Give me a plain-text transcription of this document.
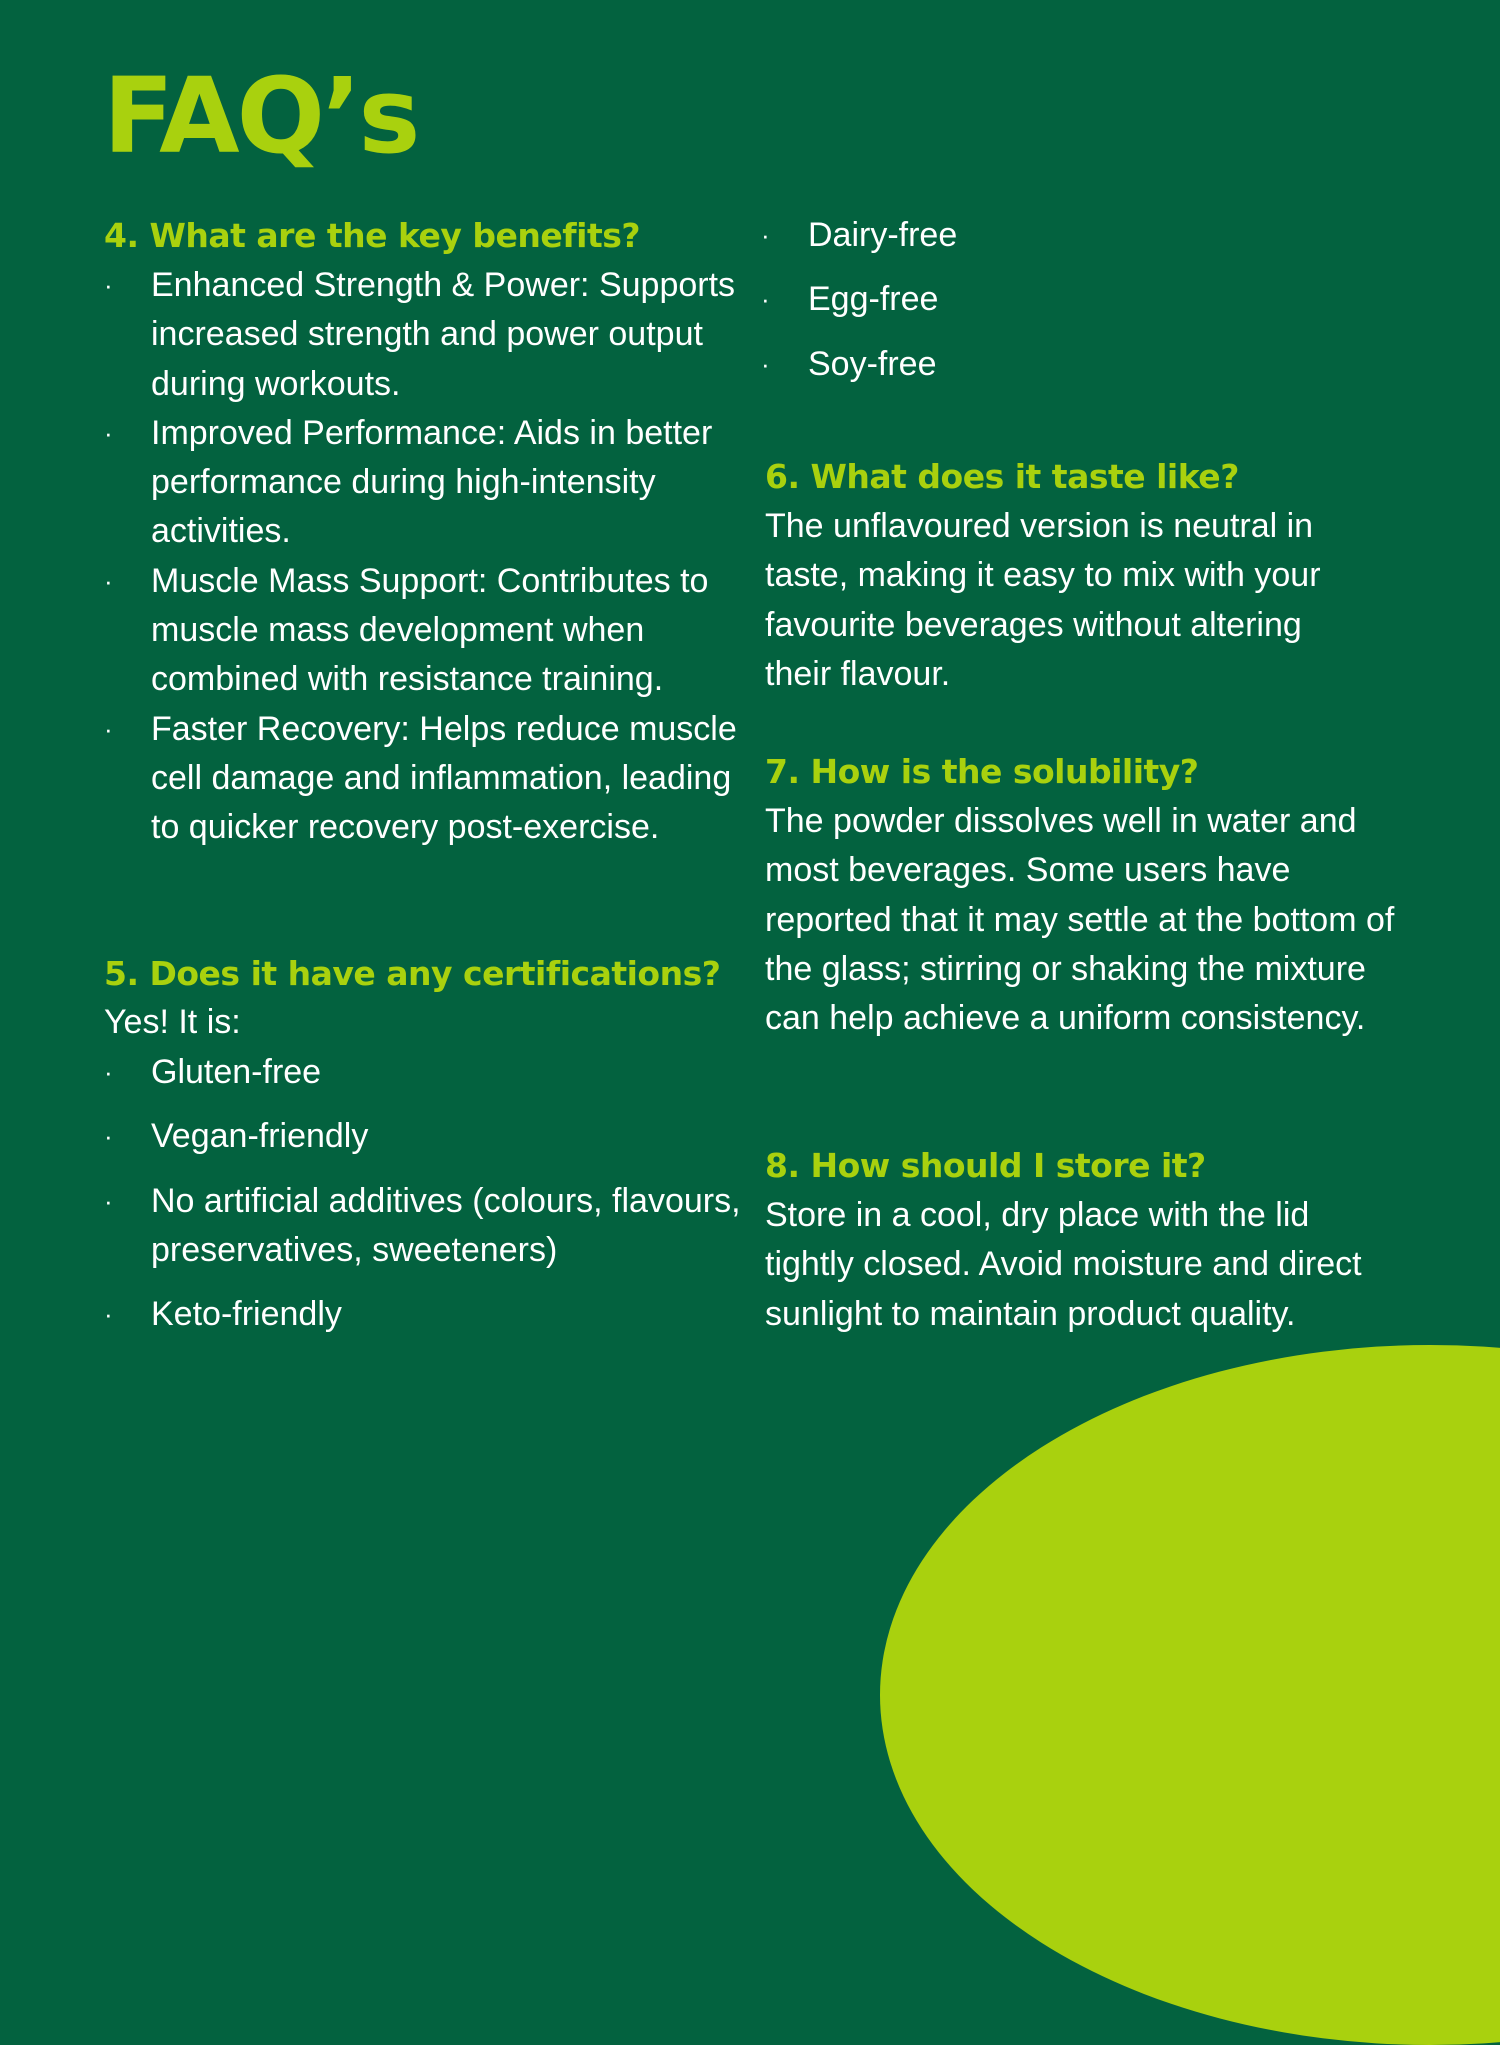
FAQ’s
4. What are the key benefits?
· Enhanced Strength & Power: Supports increased strength and power output during workouts.
· Improved Performance: Aids in better performance during high-intensity activities.
· Muscle Mass Support: Contributes to muscle mass development when combined with resistance training.
· Faster Recovery: Helps reduce muscle cell damage and inflammation, leading to quicker recovery post-exercise.
5. Does it have any certifications?

Yes! It is:

· Gluten-free
· Vegan-friendly
· No artificial additives (colours, flavours, preservatives, sweeteners)
· Keto-friendly
· Dairy-free
· Egg-free
· Soy-free
6. What does it taste like?

The unflavoured version is neutral in taste, making it easy to mix with your favourite beverages without altering their flavour.

7. How is the solubility?

The powder dissolves well in water and most beverages. Some users have reported that it may settle at the bottom of the glass; stirring or shaking the mixture can help achieve a uniform consistency.

8. How should I store it?

Store in a cool, dry place with the lid tightly closed. Avoid moisture and direct sunlight to maintain product quality.
